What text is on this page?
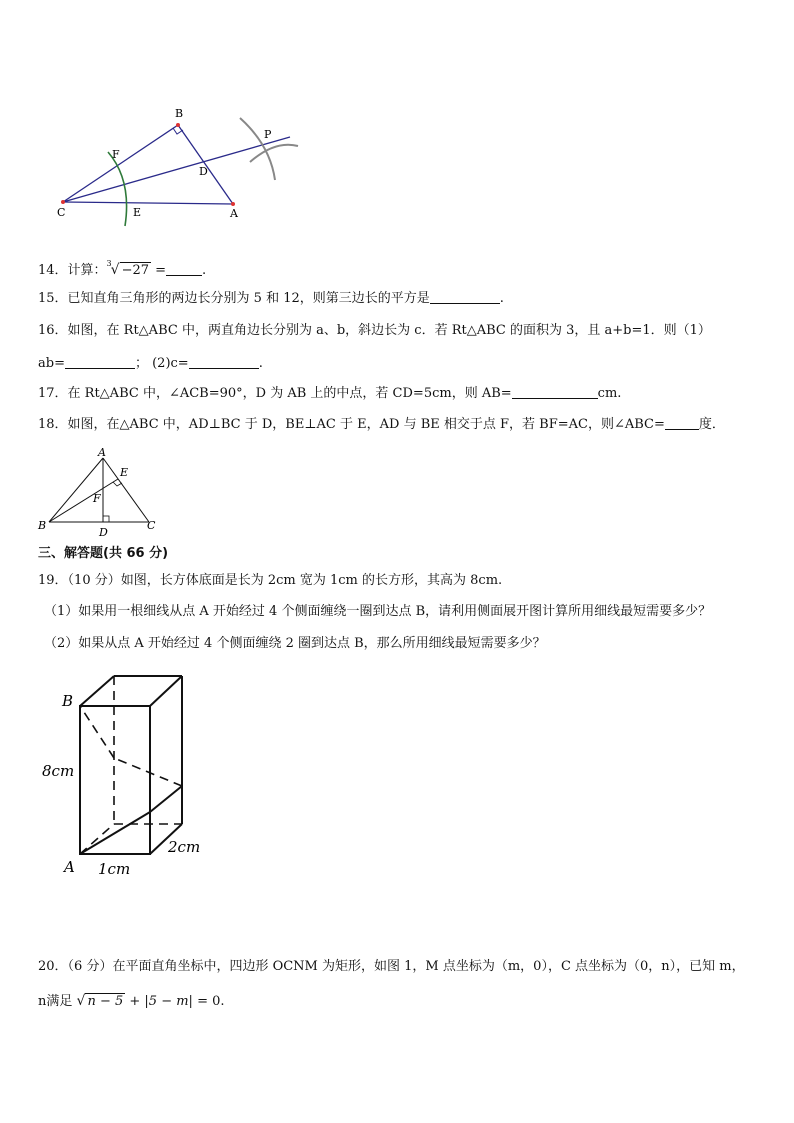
B
P
F
D
C	E	A
14．计算：$^3$√ −27 =	.
15．已知直角三角形的两边长分别为 5 和 12，则第三边长的平方是	.
16．如图，在 Rt△ABC 中，两直角边长分别为 a、b，斜边长为 c．若 Rt△ABC 的面积为 3，且 a+b=1．则（1）
ab=	； (2)c=	.
17．在 Rt△ABC 中，∠ACB=90°，D 为 AB 上的中点，若 CD=5cm，则 AB=	cm.
18．如图，在△ABC 中，AD⊥BC 于 D，BE⊥AC 于 E，AD 与 BE 相交于点 F，若 BF=AC，则∠ABC=	度．
A
E
F
B
D
C
三、解答题(共 66 分)
19．（10 分）如图，长方体底面是长为 2cm 宽为 1cm 的长方形，其高为 8cm.
（1）如果用一根细线从点 A 开始经过 4 个侧面缠绕一圈到达点 B，请利用侧面展开图计算所用细线最短需要多少？
（2）如果从点 A 开始经过 4 个侧面缠绕 2 圈到达点 B，那么所用细线最短需要多少？
B
8cm
A 1cm
2cm
20．（6 分）在平面直角坐标中，四边形 OCNM 为矩形，如图 1，M 点坐标为（m，0），C 点坐标为（0，n），已知 m，
n满足 √ n − 5 + |5 − m| = 0.
